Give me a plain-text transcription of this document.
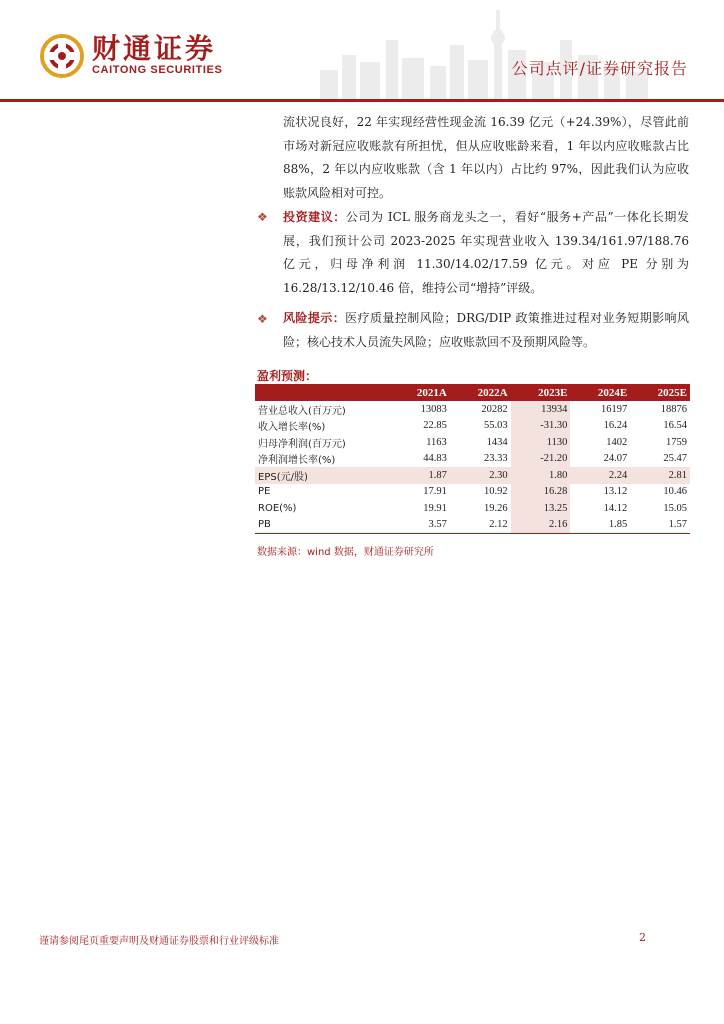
财通证券
CAITONG SECURITIES	公司点评/证券研究报告
流状况良好，22 年实现经营性现金流 16.39 亿元（+24.39%），尽管此前市场对新冠应收账款有所担忧，但从应收账龄来看，1 年以内应收账款占比 88%，2 年以内应收账款（含 1 年以内）占比约 97%，因此我们认为应收账款风险相对可控。
❖ 投资建议：公司为 ICL 服务商龙头之一，看好“服务+产品”一体化长期发展，我们预计公司 2023-2025 年实现营业收入 139.34/161.97/188.76 亿元，归母净利润 11.30/14.02/17.59 亿元。对应 PE 分别为 16.28/13.12/10.46 倍，维持公司“增持”评级。
❖ 风险提示：医疗质量控制风险；DRG/DIP 政策推进过程对业务短期影响风险；核心技术人员流失风险；应收账款回不及预期风险等。
盈利预测：
	2021A	2022A	2023E	2024E	2025E
营业总收入(百万元)	13083	20282	13934	16197	18876
收入增长率(%)	22.85	55.03	-31.30	16.24	16.54
归母净利润(百万元)	1163	1434	1130	1402	1759
净利润增长率(%)	44.83	23.33	-21.20	24.07	25.47
EPS(元/股)	1.87	2.30	1.80	2.24	2.81
PE	17.91	10.92	16.28	13.12	10.46
ROE(%)	19.91	19.26	13.25	14.12	15.05
PB	3.57	2.12	2.16	1.85	1.57
数据来源：wind 数据，财通证券研究所
谨请参阅尾页重要声明及财通证券股票和行业评级标准	2
